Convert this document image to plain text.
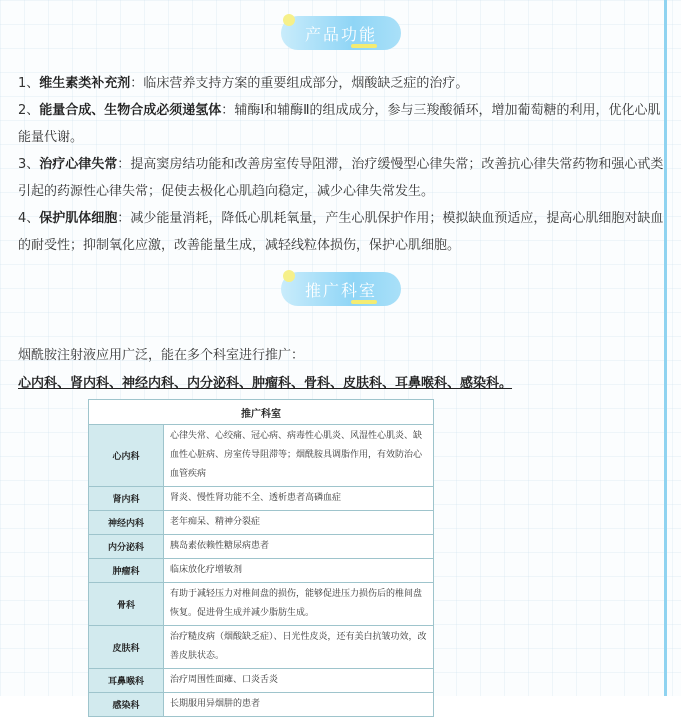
产品功能

1、维生素类补充剂：临床营养支持方案的重要组成部分，烟酸缺乏症的治疗。

2、能量合成、生物合成必须递氢体：辅酶Ⅰ和辅酶Ⅱ的组成成分，参与三羧酸循环，增加葡萄糖的利用，优化心肌能量代谢。

3、治疗心律失常：提高窦房结功能和改善房室传导阻滞，治疗缓慢型心律失常；改善抗心律失常药物和强心甙类引起的药源性心律失常；促使去极化心肌趋向稳定，减少心律失常发生。

4、保护肌体细胞：减少能量消耗，降低心肌耗氧量，产生心肌保护作用；模拟缺血预适应，提高心肌细胞对缺血的耐受性；抑制氧化应激，改善能量生成，减轻线粒体损伤，保护心肌细胞。

推广科室
烟酰胺注射液应用广泛，能在多个科室进行推广：
心内科、肾内科、神经内科、内分泌科、肿瘤科、骨科、皮肤科、耳鼻喉科、感染科。
推广科室	
心内科	心律失常、心绞痛、冠心病、病毒性心肌炎、风湿性心肌炎、缺血性心脏病、房室传导阻滞等；烟酰胺具调脂作用，有效防治心血管疾病
肾内科	肾炎、慢性肾功能不全、透析患者高磷血症
神经内科	老年痴呆、精神分裂症
内分泌科	胰岛素依赖性糖尿病患者
肿瘤科	临床放化疗增敏剂
骨科	有助于减轻压力对椎间盘的损伤，能够促进压力损伤后的椎间盘恢复。促进骨生成并减少脂肪生成。
皮肤科	治疗糙皮病（烟酸缺乏症）、日光性皮炎，还有美白抗皱功效，改善皮肤状态。
耳鼻喉科	治疗周围性面瘫、口炎舌炎
感染科	长期服用异烟肼的患者
